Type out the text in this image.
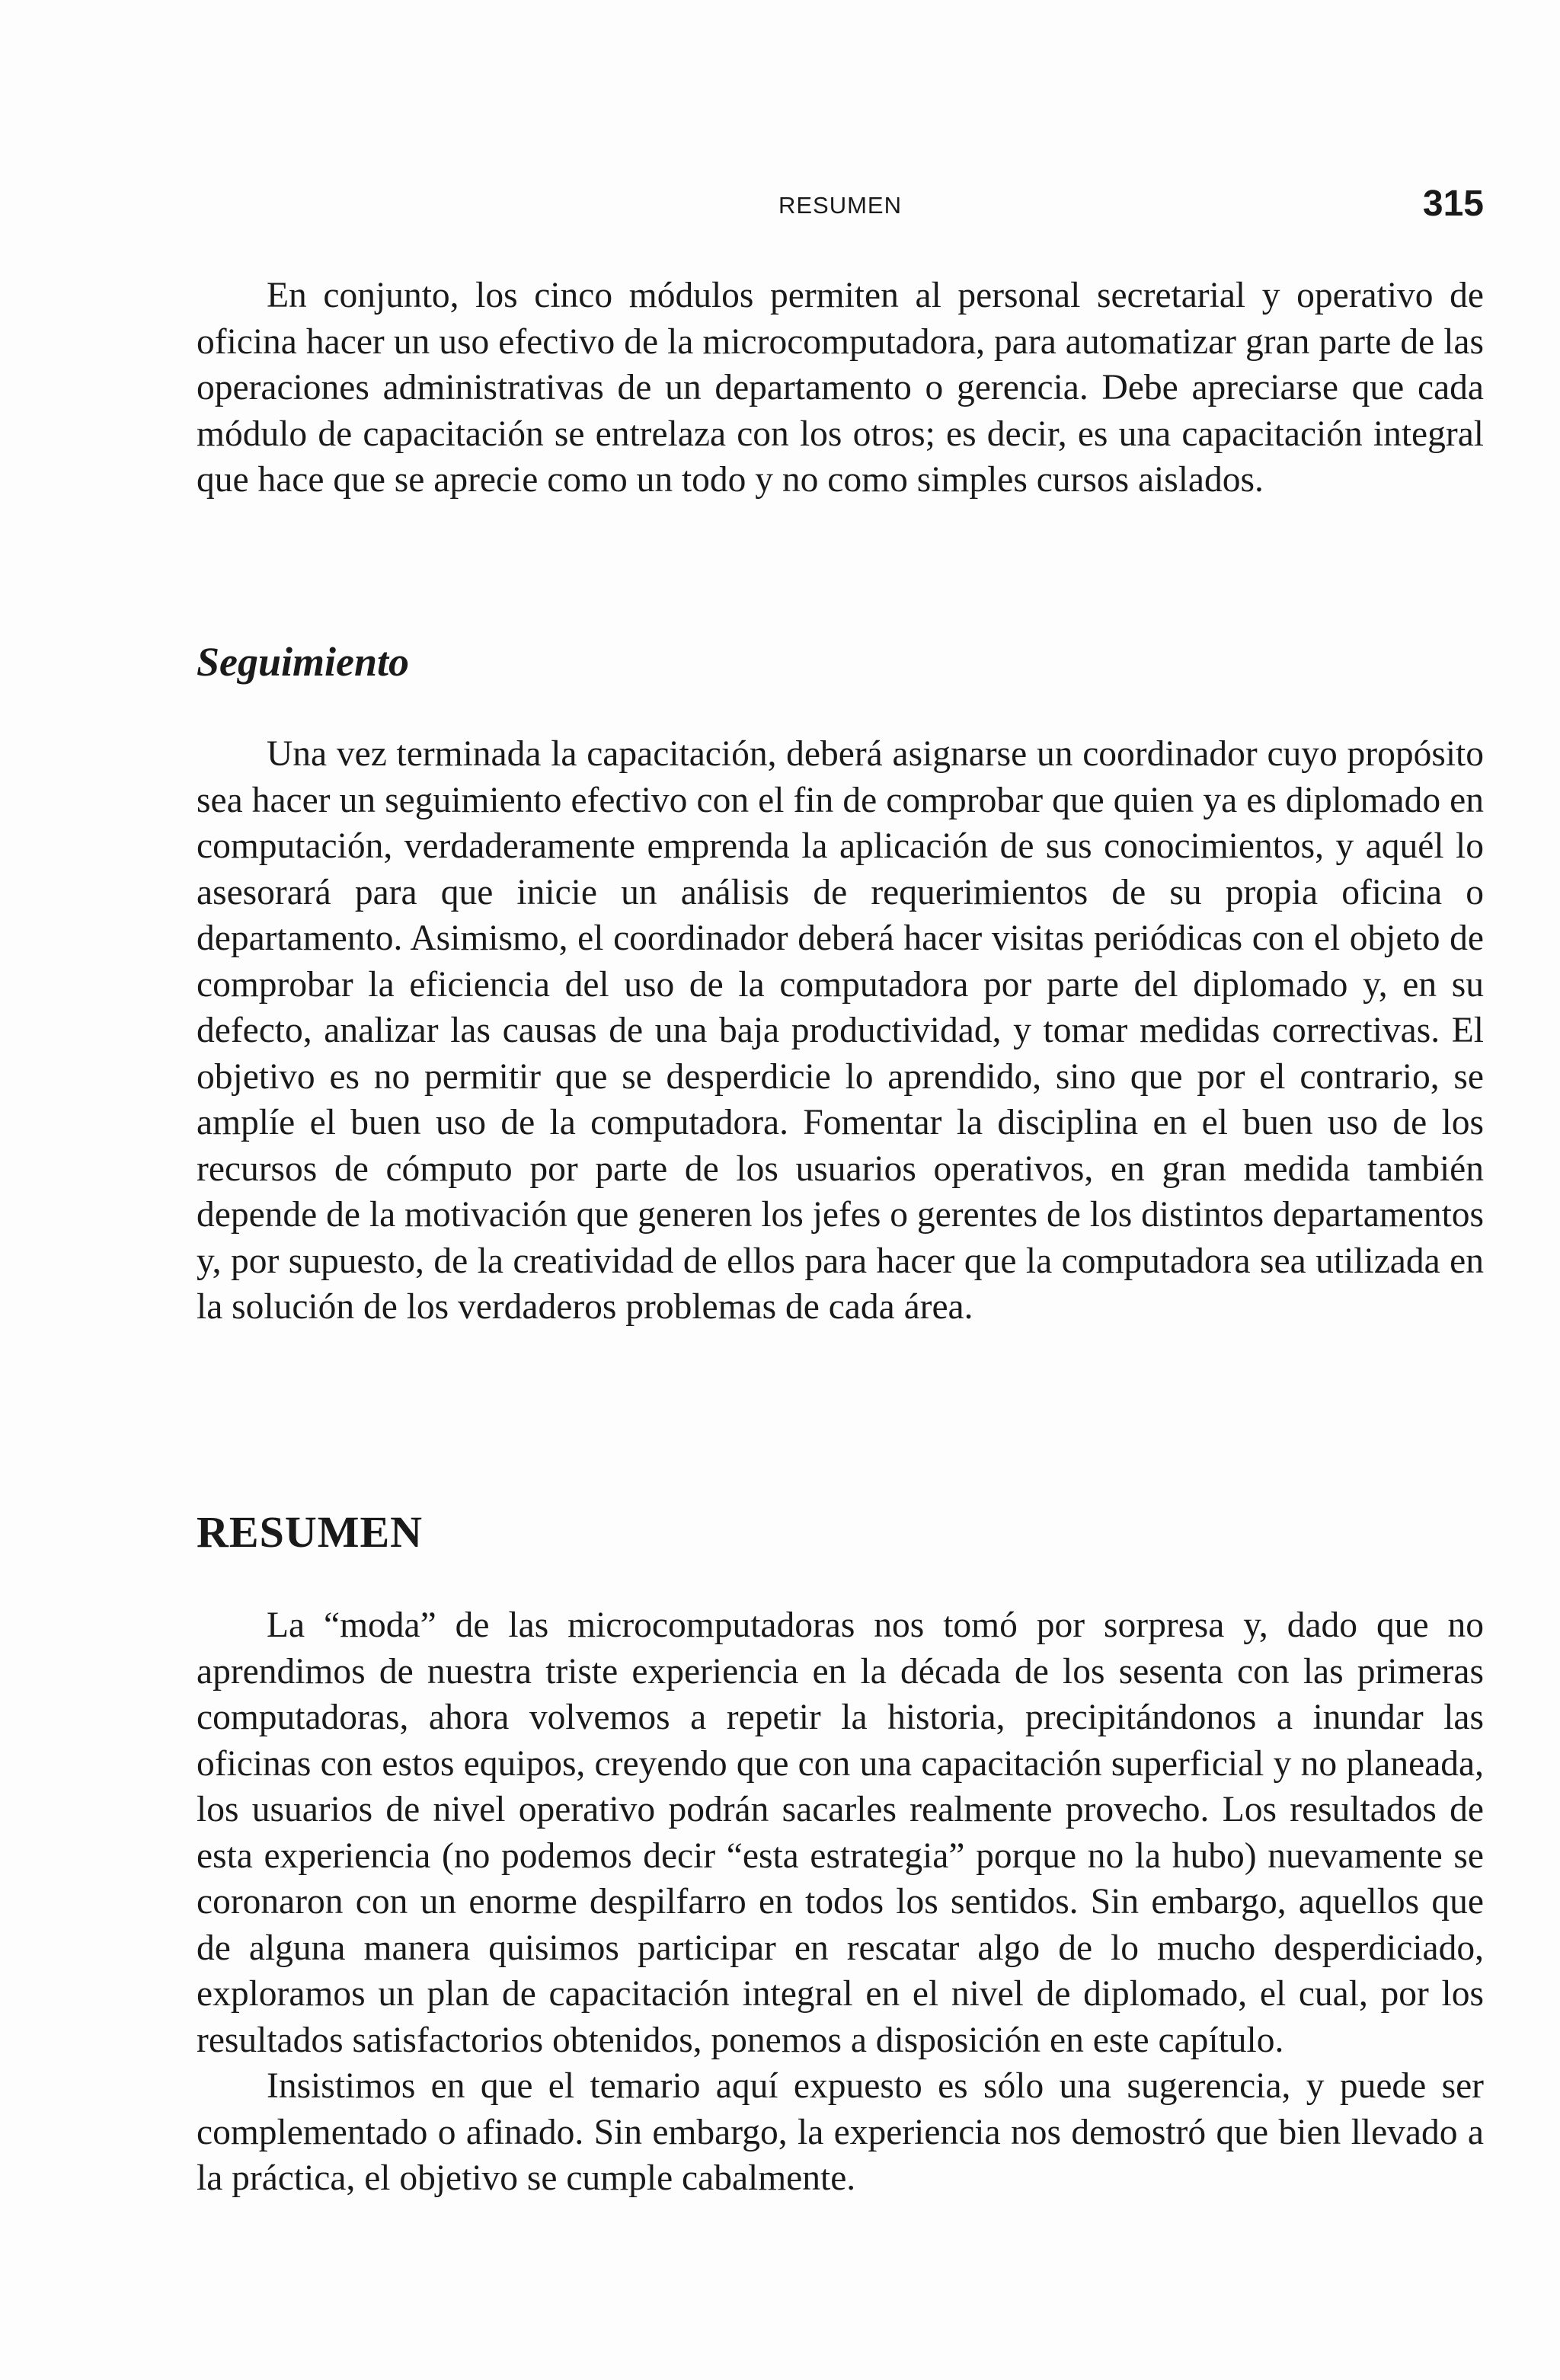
RESUMEN	315

En conjunto, los cinco módulos permiten al personal secretarial y operativo de oficina hacer un uso efectivo de la microcomputadora, para automatizar gran parte de las operaciones administrativas de un departamento o gerencia. Debe apreciarse que cada módulo de capacitación se entrelaza con los otros; es decir, es una capacitación integral que hace que se aprecie como un todo y no como simples cursos aislados.

Seguimiento

Una vez terminada la capacitación, deberá asignarse un coordinador cuyo propósito sea hacer un seguimiento efectivo con el fin de comprobar que quien ya es diplomado en computación, verdaderamente emprenda la aplicación de sus conocimientos, y aquél lo asesorará para que inicie un análisis de requerimientos de su propia oficina o departamento. Asimismo, el coordinador deberá hacer visitas periódicas con el objeto de comprobar la eficiencia del uso de la computadora por parte del diplomado y, en su defecto, analizar las causas de una baja productividad, y tomar medidas correctivas. El objetivo es no permitir que se desperdicie lo aprendido, sino que por el contrario, se amplíe el buen uso de la computadora. Fomentar la disciplina en el buen uso de los recursos de cómputo por parte de los usuarios operativos, en gran medida también depende de la motivación que generen los jefes o gerentes de los distintos departamentos y, por supuesto, de la creatividad de ellos para hacer que la computadora sea utilizada en la solución de los verdaderos problemas de cada área.

RESUMEN

La “moda” de las microcomputadoras nos tomó por sorpresa y, dado que no aprendimos de nuestra triste experiencia en la década de los sesenta con las primeras computadoras, ahora volvemos a repetir la historia, precipitándonos a inundar las oficinas con estos equipos, creyendo que con una capacitación superficial y no planeada, los usuarios de nivel operativo podrán sacarles realmente provecho. Los resultados de esta experiencia (no podemos decir “esta estrategia” porque no la hubo) nuevamente se coronaron con un enorme despilfarro en todos los sentidos. Sin embargo, aquellos que de alguna manera quisimos participar en rescatar algo de lo mucho desperdiciado, exploramos un plan de capacitación integral en el nivel de diplomado, el cual, por los resultados satisfactorios obtenidos, ponemos a disposición en este capítulo.

Insistimos en que el temario aquí expuesto es sólo una sugerencia, y puede ser complementado o afinado. Sin embargo, la experiencia nos demostró que bien llevado a la práctica, el objetivo se cumple cabalmente.
